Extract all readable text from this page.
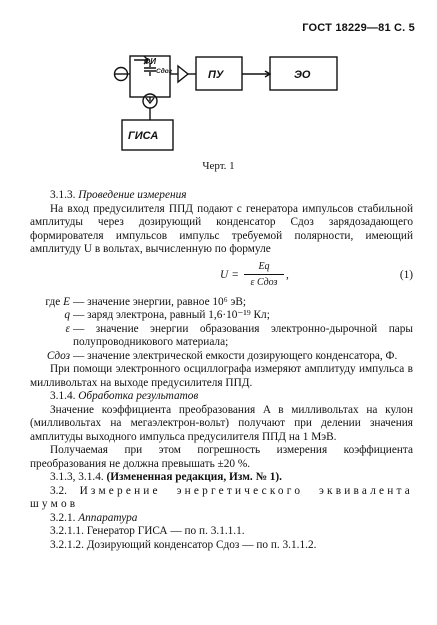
ГОСТ 18229—81 С. 5
ФИ
Cдоз	ПУ	ЭО
ГИСА
Черт. 1

3.1.3. Проведение измерения

На вход предусилителя ППД подают с генератора импульсов стабильной амплитуды через дозирующий конденсатор Cдоз зарядозадающего формирователя импульсов импульс требуемой полярности, имеющий амплитуду U в вольтах, вычисленную по формуле

U =
Eq
ε Cдоз
,	(1)
где E — значение энергии, равное 10⁶ эВ;
q — заряд электрона, равный 1,6·10⁻¹⁹ Кл;
ε — значение энергии образования электронно-дырочной пары полупроводникового материала;
Cдоз — значение электрической емкости дозирующего конденсатора, Ф.

При помощи электронного осциллографа измеряют амплитуду импульса в милливольтах на выходе предусилителя ППД.

3.1.4. Обработка результатов

Значение коэффициента преобразования A в милливольтах на кулон (милливольтах на мегаэлектрон-вольт) получают при делении значения амплитуды выходного импульса предусилителя ППД на 1 МэВ.

Получаемая при этом погрешность измерения коэффициента преобразования не должна превышать ±20 %.

3.1.3, 3.1.4. (Измененная редакция, Изм. № 1).

3.2. Измерение энергетического эквивалента шумов

3.2.1. Аппаратура

3.2.1.1. Генератор ГИСА — по п. 3.1.1.1.

3.2.1.2. Дозирующий конденсатор Cдоз — по п. 3.1.1.2.
